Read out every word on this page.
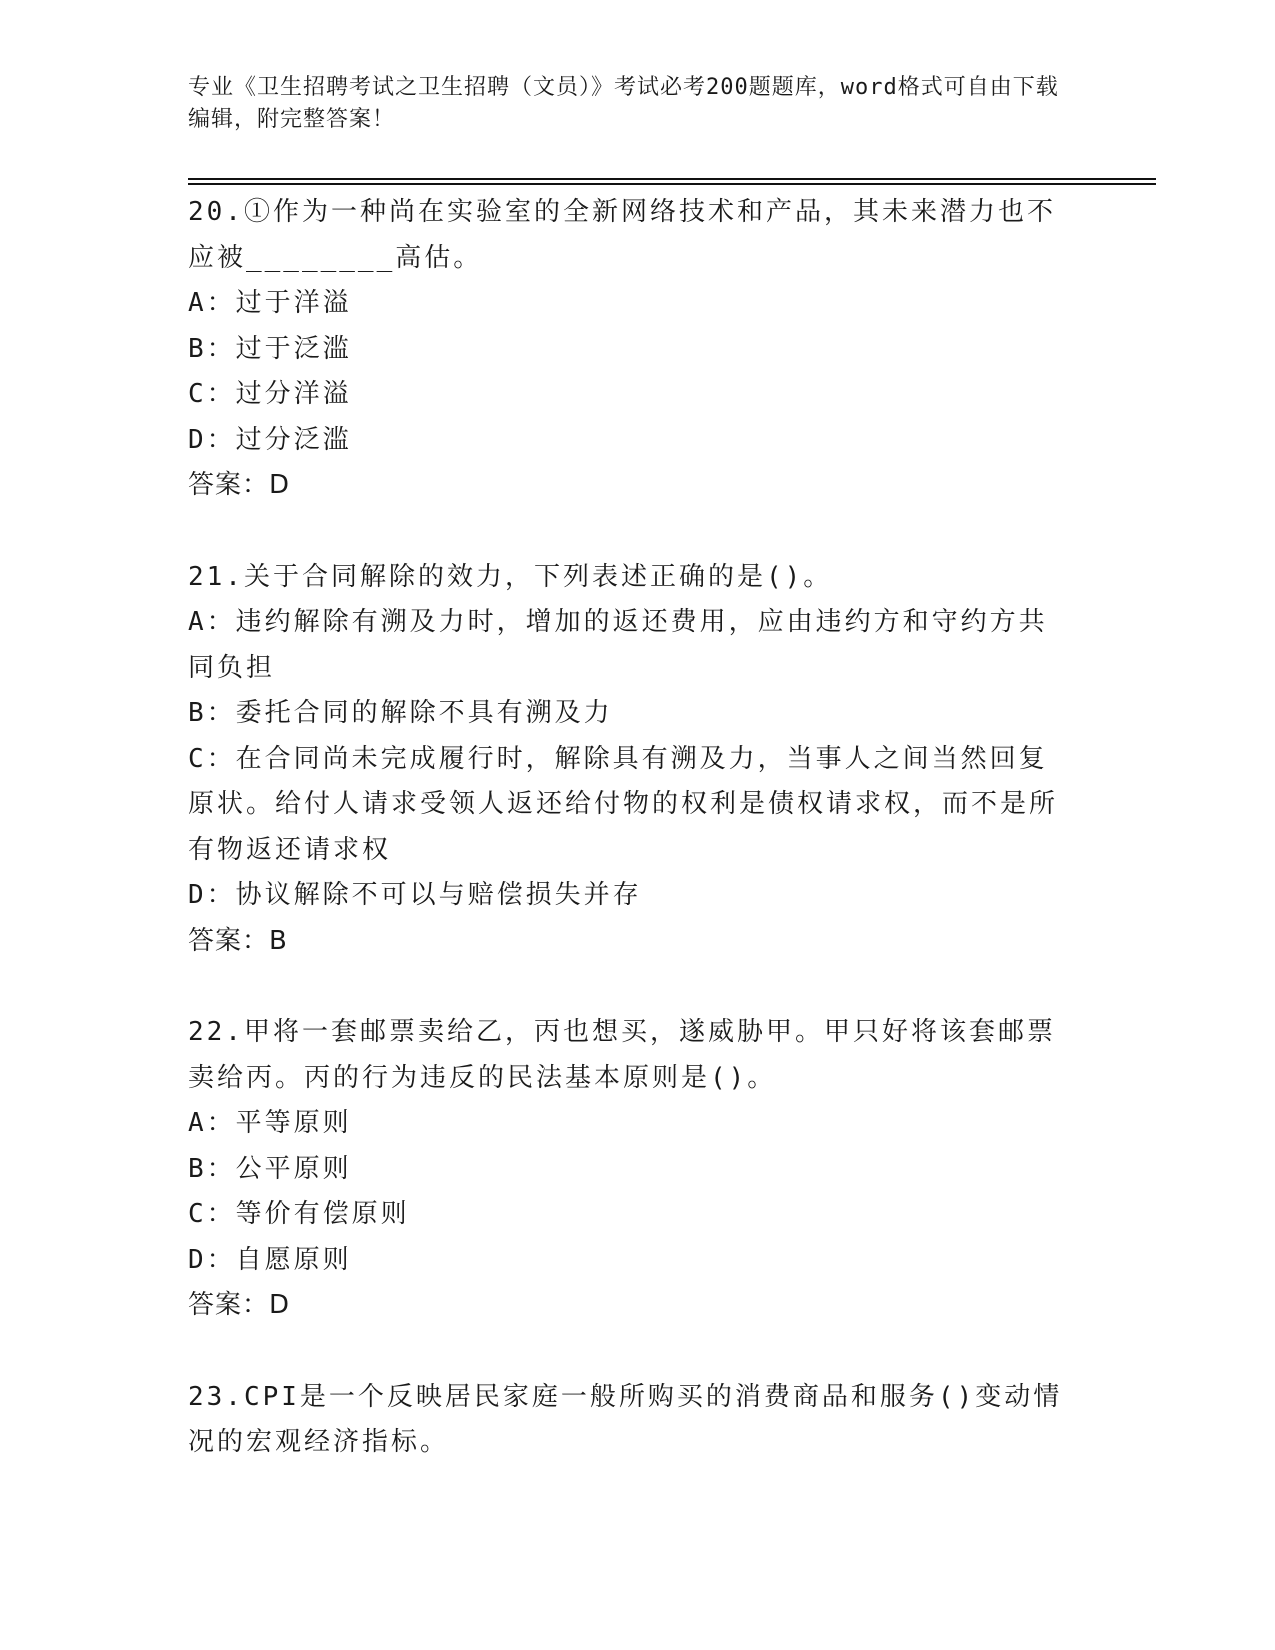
专业《卫生招聘考试之卫生招聘（文员）》考试必考200题题库，word格式可自由下载编辑，附完整答案！
20.①作为一种尚在实验室的全新网络技术和产品，其未来潜力也不应被________高估。
A：过于洋溢
B：过于泛滥
C：过分洋溢
D：过分泛滥
答案：D
21.关于合同解除的效力，下列表述正确的是()。
A：违约解除有溯及力时，增加的返还费用，应由违约方和守约方共同负担
B：委托合同的解除不具有溯及力
C：在合同尚未完成履行时，解除具有溯及力，当事人之间当然回复原状。给付人请求受领人返还给付物的权利是债权请求权，而不是所有物返还请求权
D：协议解除不可以与赔偿损失并存
答案：B
22.甲将一套邮票卖给乙，丙也想买，遂威胁甲。甲只好将该套邮票卖给丙。丙的行为违反的民法基本原则是()。
A：平等原则
B：公平原则
C：等价有偿原则
D：自愿原则
答案：D
23.CPI是一个反映居民家庭一般所购买的消费商品和服务()变动情况的宏观经济指标。
